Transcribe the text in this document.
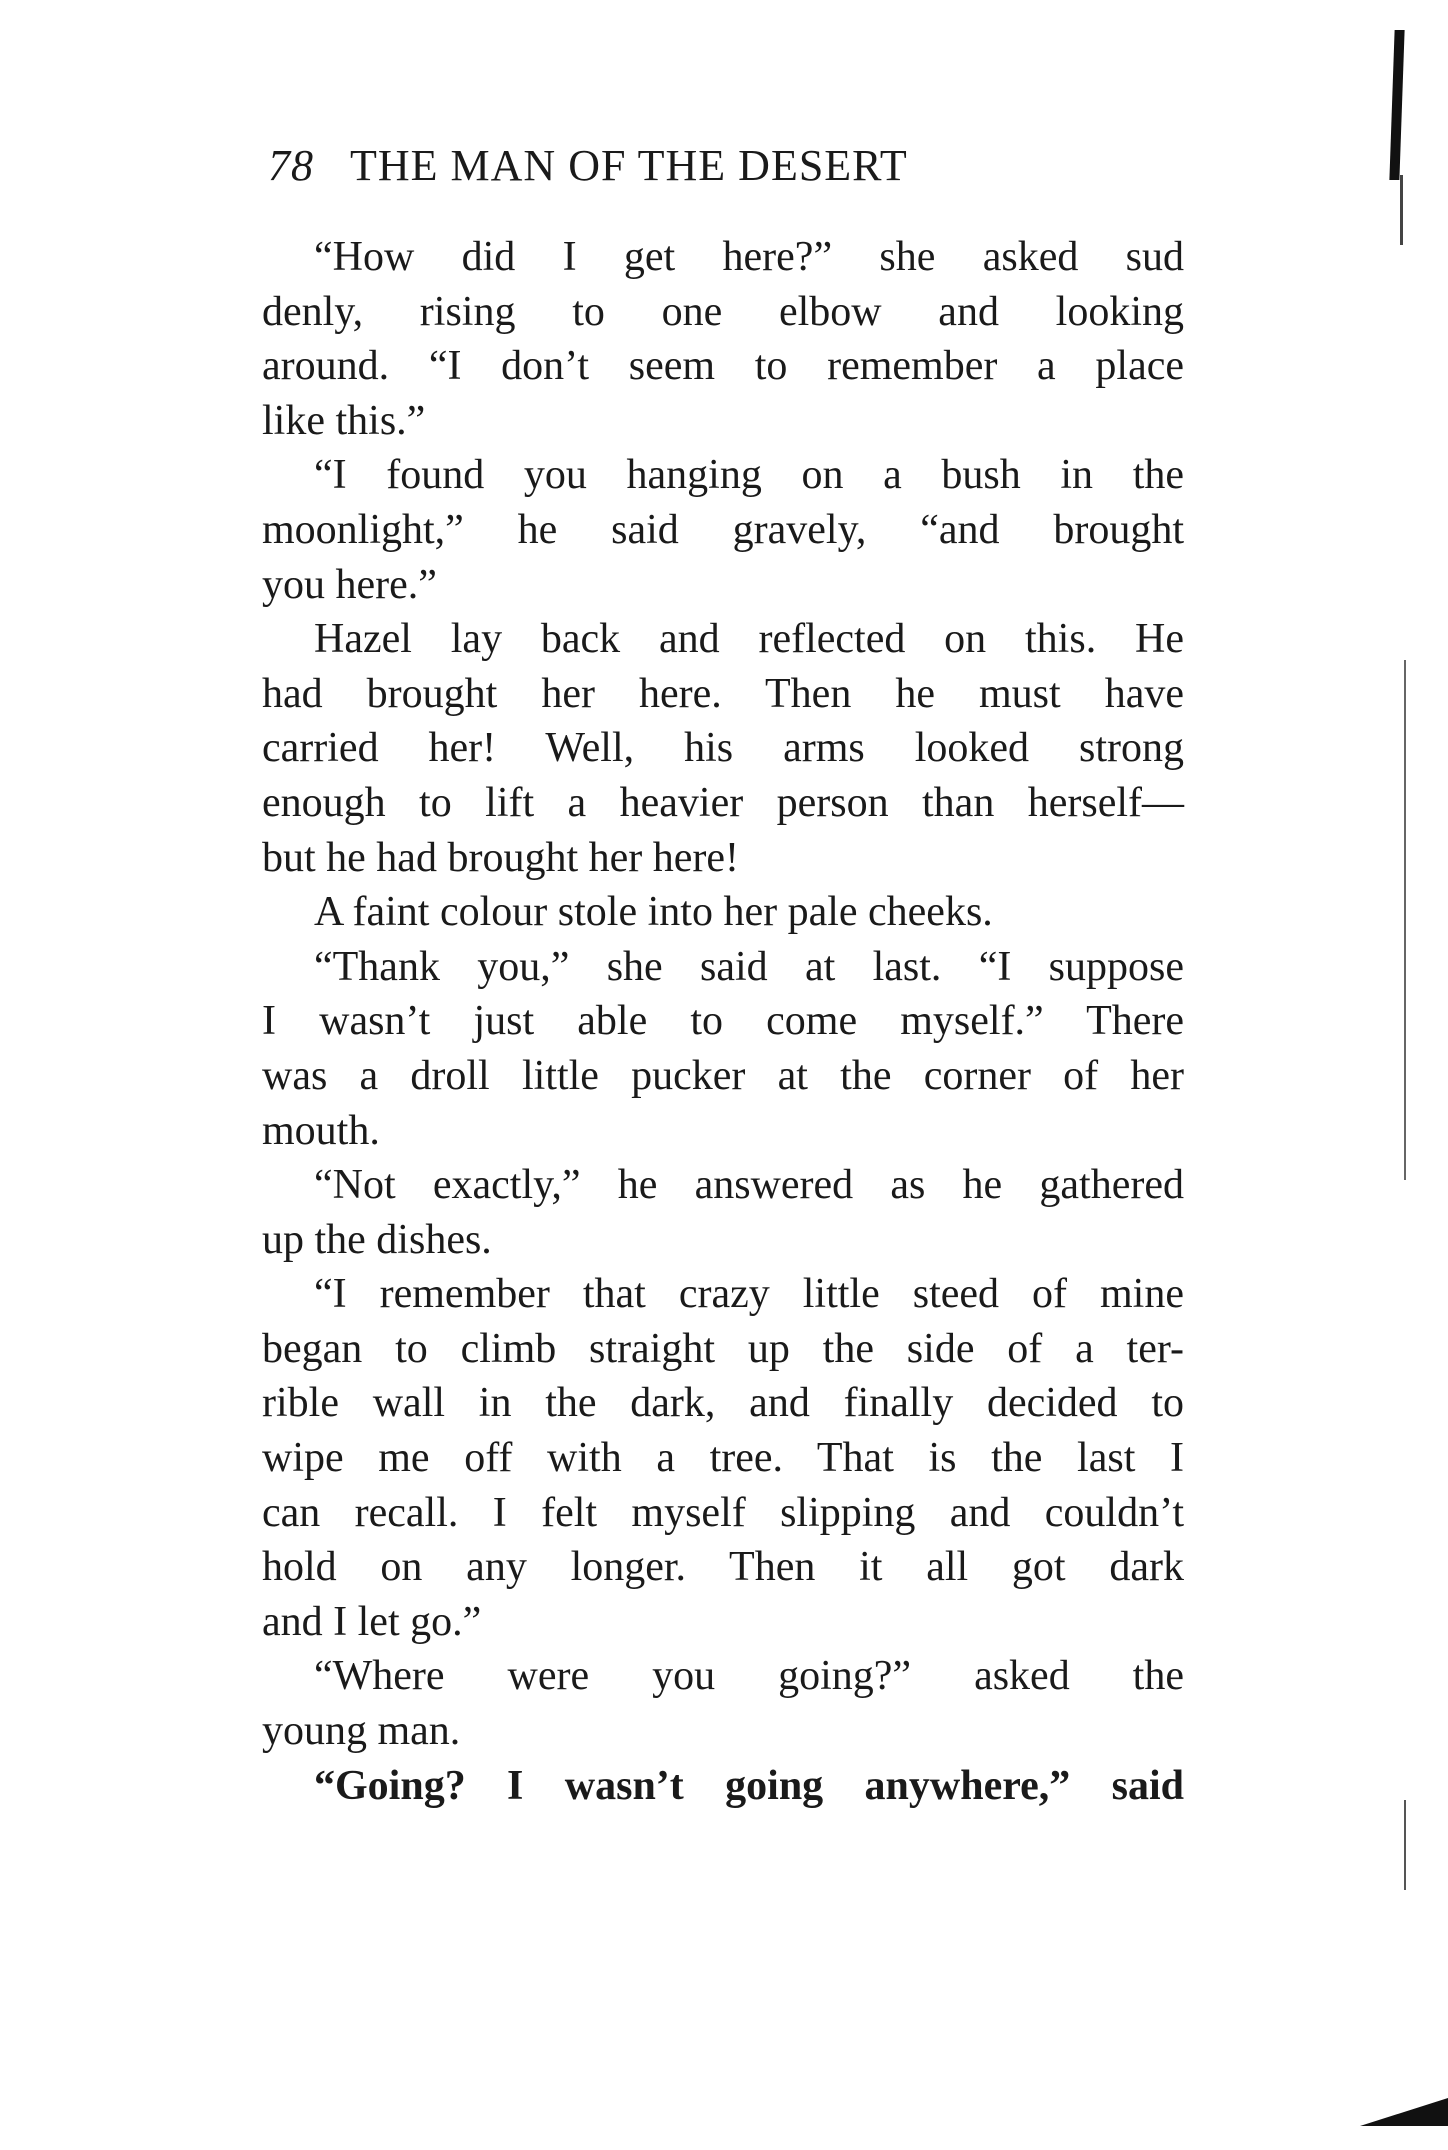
78 THE MAN OF THE DESERT
“How did I get here?” she asked sud
denly, rising to one elbow and looking
around. “I don’t seem to remember a place
like this.”
“I found you hanging on a bush in the
moonlight,” he said gravely, “and brought
you here.”
Hazel lay back and reflected on this. He
had brought her here. Then he must have
carried her! Well, his arms looked strong
enough to lift a heavier person than herself—
but he had brought her here!
A faint colour stole into her pale cheeks.
“Thank you,” she said at last. “I suppose
I wasn’t just able to come myself.” There
was a droll little pucker at the corner of her
mouth.
“Not exactly,” he answered as he gathered
up the dishes.
“I remember that crazy little steed of mine
began to climb straight up the side of a ter-
rible wall in the dark, and finally decided to
wipe me off with a tree. That is the last I
can recall. I felt myself slipping and couldn’t
hold on any longer. Then it all got dark
and I let go.”
“Where were you going?” asked the
young man.
“Going? I wasn’t going anywhere,” said
